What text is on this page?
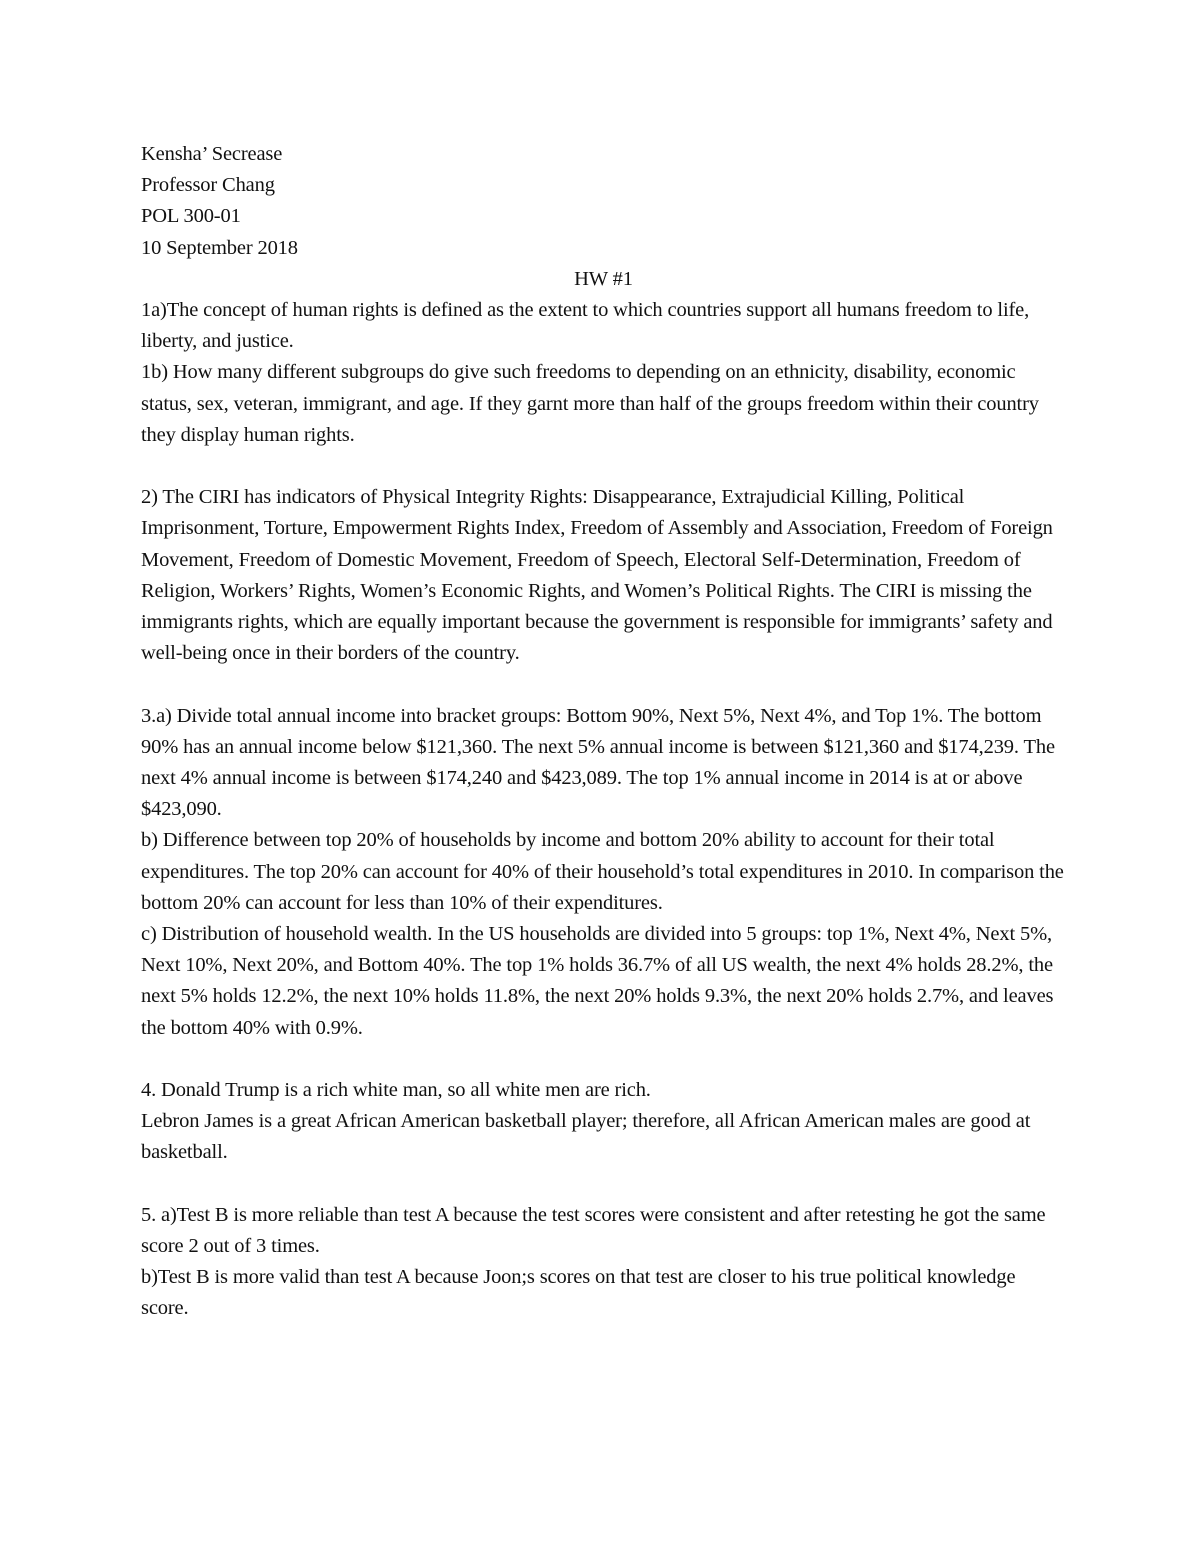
Kensha’ Secrease
Professor Chang
POL 300-01
10 September 2018
HW #1
1a)The concept of human rights is defined as the extent to which countries support all humans freedom to life, liberty, and justice.
1b) How many different subgroups do give such freedoms to depending on an ethnicity, disability, economic status, sex, veteran, immigrant, and age. If they garnt more than half of the groups freedom within their country they display human rights.
2) The CIRI has indicators of Physical Integrity Rights: Disappearance, Extrajudicial Killing, Political Imprisonment, Torture, Empowerment Rights Index, Freedom of Assembly and Association, Freedom of Foreign Movement, Freedom of Domestic Movement, Freedom of Speech, Electoral Self-Determination, Freedom of Religion, Workers’ Rights, Women’s Economic Rights, and Women’s Political Rights. The CIRI is missing the immigrants rights, which are equally important because the government is responsible for immigrants’ safety and well-being once in their borders of the country.
3.a) Divide total annual income into bracket groups: Bottom 90%, Next 5%, Next 4%, and Top 1%. The bottom 90% has an annual income below $121,360. The next 5% annual income is between $121,360 and $174,239. The next 4% annual income is between $174,240 and $423,089. The top 1% annual income in 2014 is at or above $423,090.
b) Difference between top 20% of households by income and bottom 20% ability to account for their total expenditures. The top 20% can account for 40% of their household’s total expenditures in 2010. In comparison the bottom 20% can account for less than 10% of their expenditures.
c) Distribution of household wealth. In the US households are divided into 5 groups: top 1%, Next 4%, Next 5%, Next 10%, Next 20%, and Bottom 40%. The top 1% holds 36.7% of all US wealth, the next 4% holds 28.2%, the next 5% holds 12.2%, the next 10% holds 11.8%, the next 20% holds 9.3%, the next 20% holds 2.7%, and leaves the bottom 40% with 0.9%.
4. Donald Trump is a rich white man, so all white men are rich.
Lebron James is a great African American basketball player; therefore, all African American males are good at basketball.
5. a)Test B is more reliable than test A because the test scores were consistent and after retesting he got the same score 2 out of 3 times.
b)Test B is more valid than test A because Joon;s scores on that test are closer to his true political knowledge score.
